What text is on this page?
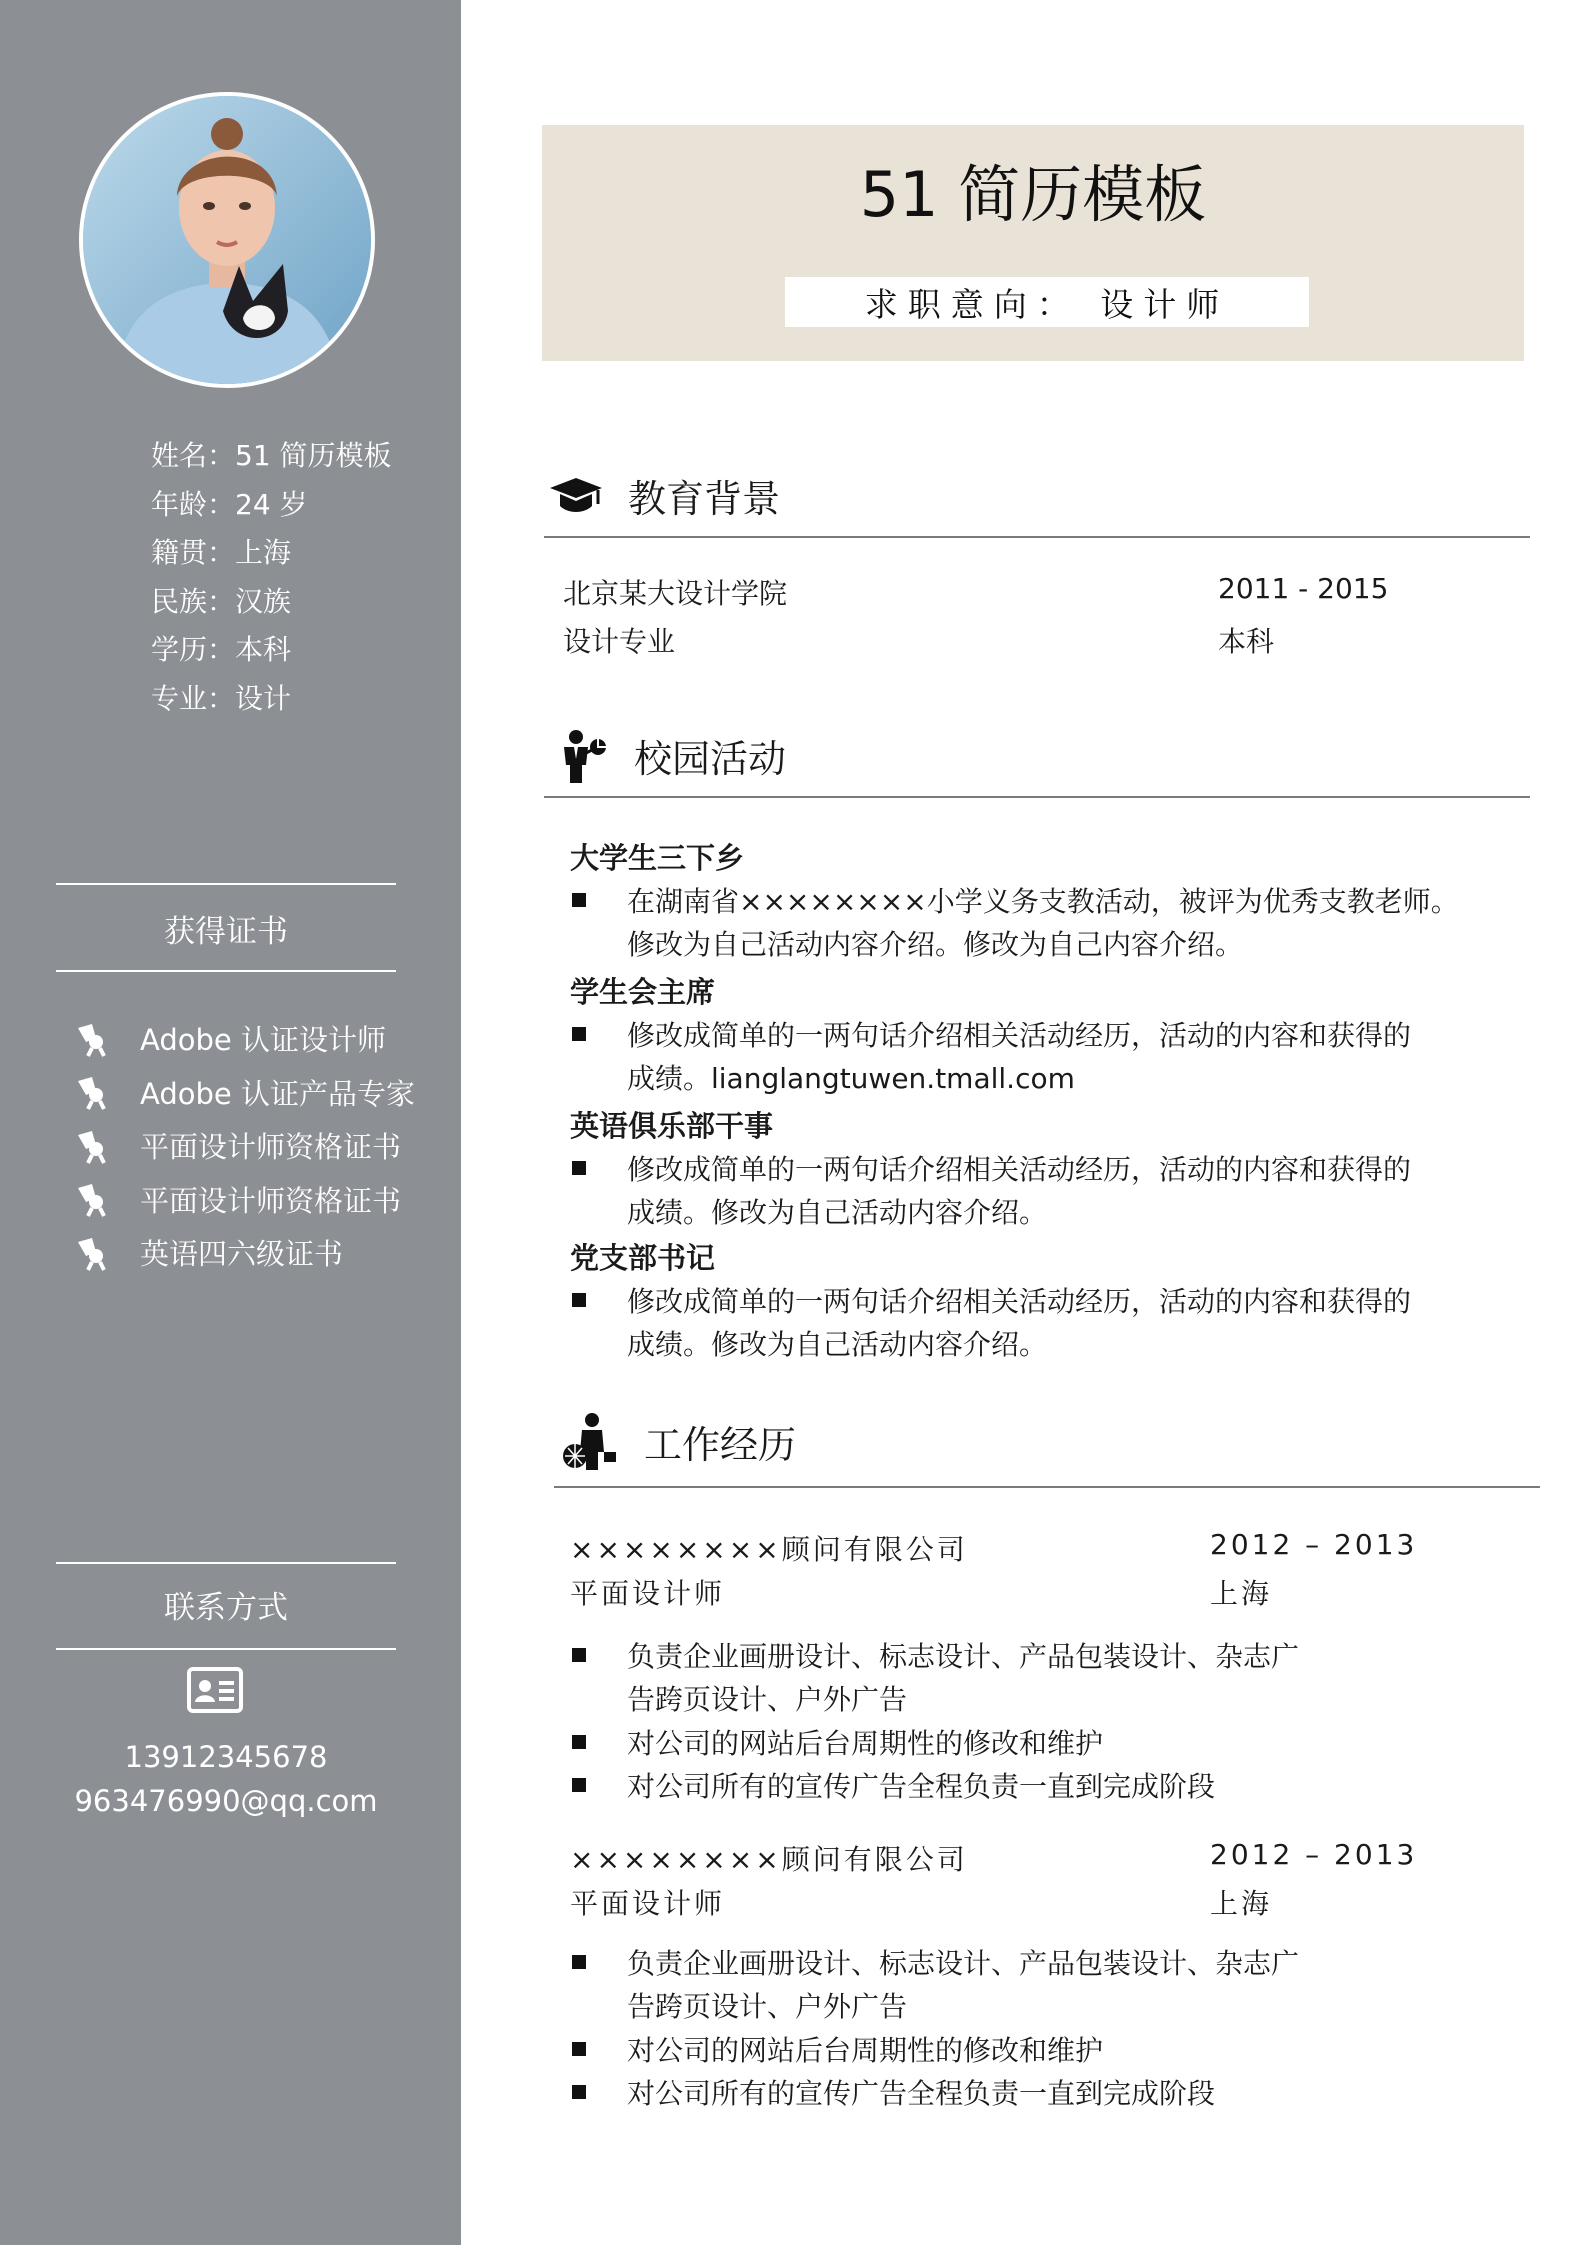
姓名：51 简历模板
年龄：24 岁
籍贯：上海
民族：汉族
学历：本科
专业：设计
获得证书
Adobe 认证设计师
Adobe 认证产品专家
平面设计师资格证书
平面设计师资格证书
英语四六级证书
联系方式
13912345678
963476990@qq.com
51 简历模板
求职意向： 设计师
教育背景
北京某大设计学院	2011 - 2015
设计专业	本科
校园活动
大学生三下乡
在湖南省××××××××小学义务支教活动，被评为优秀支教老师。
修改为自己活动内容介绍。修改为自己内容介绍。
学生会主席
修改成简单的一两句话介绍相关活动经历，活动的内容和获得的
成绩。lianglangtuwen.tmall.com
英语俱乐部干事
修改成简单的一两句话介绍相关活动经历，活动的内容和获得的
成绩。修改为自己活动内容介绍。
党支部书记
修改成简单的一两句话介绍相关活动经历，活动的内容和获得的
成绩。修改为自己活动内容介绍。
工作经历
××××××××顾问有限公司	2012 – 2013
平面设计师	上海
负责企业画册设计、标志设计、产品包装设计、杂志广
告跨页设计、户外广告
对公司的网站后台周期性的修改和维护
对公司所有的宣传广告全程负责一直到完成阶段
××××××××顾问有限公司	2012 – 2013
平面设计师	上海
负责企业画册设计、标志设计、产品包装设计、杂志广
告跨页设计、户外广告
对公司的网站后台周期性的修改和维护
对公司所有的宣传广告全程负责一直到完成阶段
